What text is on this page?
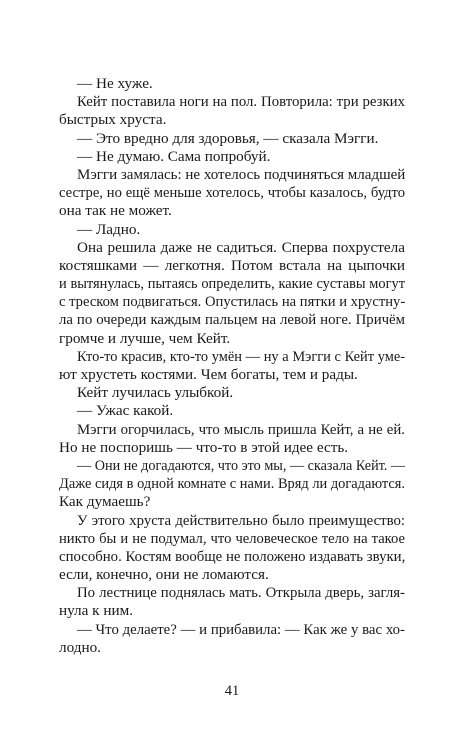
— Не хуже.
Кейт поставила ноги на пол. Повторила: три резких
быстрых хруста.
— Это вредно для здоровья, — сказала Мэгги.
— Не думаю. Сама попробуй.
Мэгги замялась: не хотелось подчиняться младшей
сестре, но ещё меньше хотелось, чтобы казалось, будто
она так не может.
— Ладно.
Она решила даже не садиться. Сперва похрустела
костяшками — легкотня. Потом встала на цыпочки
и вытянулась, пытаясь определить, какие суставы могут
с треском подвигаться. Опустилась на пятки и хрустну-
ла по очереди каждым пальцем на левой ноге. Причём
громче и лучше, чем Кейт.
Кто-то красив, кто-то умён — ну а Мэгги с Кейт уме-
ют хрустеть костями. Чем богаты, тем и рады.
Кейт лучилась улыбкой.
— Ужас какой.
Мэгги огорчилась, что мысль пришла Кейт, а не ей.
Но не поспоришь — что-то в этой идее есть.
— Они не догадаются, что это мы, — сказала Кейт. —
Даже сидя в одной комнате с нами. Вряд ли догадаются.
Как думаешь?
У этого хруста действительно было преимущество:
никто бы и не подумал, что человеческое тело на такое
способно. Костям вообще не положено издавать звуки,
если, конечно, они не ломаются.
По лестнице поднялась мать. Открыла дверь, загля-
нула к ним.
— Что делаете? — и прибавила: — Как же у вас хо-
лодно.
41
